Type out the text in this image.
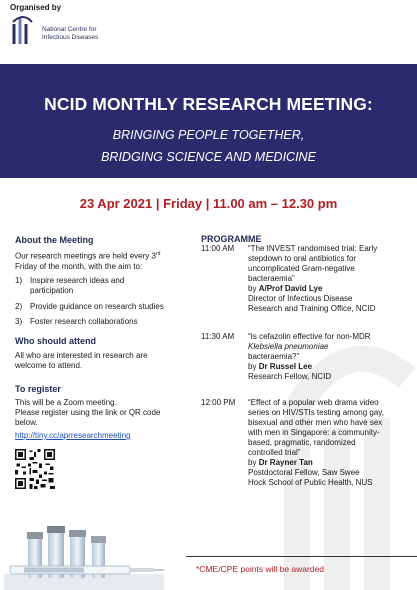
Organised by
National Centre for
Infectious Diseases
NCID MONTHLY RESEARCH MEETING:
BRINGING PEOPLE TOGETHER,
BRIDGING SCIENCE AND MEDICINE
23 Apr 2021 | Friday | 11.00 am – 12.30 pm
About the Meeting
Our research meetings are held every 3rd
Friday of the month, with the aim to:
1) Inspire research ideas and
participation
2) Provide guidance on research studies
3) Foster research collaborations
Who should attend
All who are interested in research are
welcome to attend.
To register
This will be a Zoom meeting.
Please register using the link or QR code
below.
http://tiny.cc/aprresearchmeeting
PROGRAMME
11:00 AM “The INVEST randomised trial: Early
stepdown to oral antibiotics for
uncomplicated Gram-negative
bacteraemia”
by A/Prof David Lye
Director of Infectious Disease
Research and Training Office, NCID
11:30 AM “Is cefazolin effective for non-MDR
Klebsiella pneumoniae
bacteraemia?”
by Dr Russel Lee
Research Fellow, NCID
12:00 PM “Effect of a popular web drama video
series on HIV/STIs testing among gay,
bisexual and other men who have sex
with men in Singapore: a community-
based, pragmatic, randomized
controlled trial”
by Dr Rayner Tan
Postdoctoral Fellow, Saw Swee
Hock School of Public Health, NUS
*CME/CPE points will be awarded
